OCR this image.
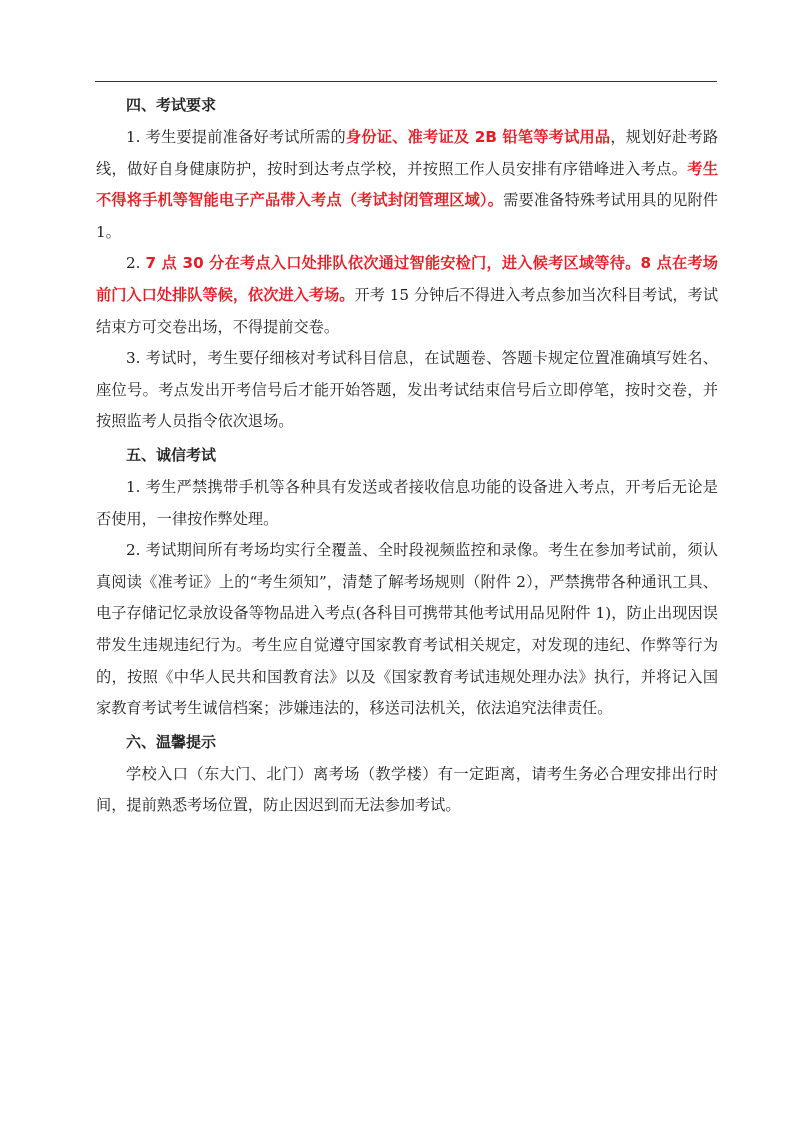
四、考试要求

1. 考生要提前准备好考试所需的身份证、准考证及 2B 铅笔等考试用品，规划好赴考路线，做好自身健康防护，按时到达考点学校，并按照工作人员安排有序错峰进入考点。考生不得将手机等智能电子产品带入考点（考试封闭管理区域）。需要准备特殊考试用具的见附件 1。

2. 7 点 30 分在考点入口处排队依次通过智能安检门，进入候考区域等待。8 点在考场前门入口处排队等候，依次进入考场。开考 15 分钟后不得进入考点参加当次科目考试，考试结束方可交卷出场，不得提前交卷。

3. 考试时，考生要仔细核对考试科目信息，在试题卷、答题卡规定位置准确填写姓名、座位号。考点发出开考信号后才能开始答题，发出考试结束信号后立即停笔，按时交卷，并按照监考人员指令依次退场。

五、诚信考试

1. 考生严禁携带手机等各种具有发送或者接收信息功能的设备进入考点，开考后无论是否使用，一律按作弊处理。

2. 考试期间所有考场均实行全覆盖、全时段视频监控和录像。考生在参加考试前，须认真阅读《准考证》上的“考生须知”，清楚了解考场规则（附件 2），严禁携带各种通讯工具、电子存储记忆录放设备等物品进入考点(各科目可携带其他考试用品见附件 1)，防止出现因误带发生违规违纪行为。考生应自觉遵守国家教育考试相关规定，对发现的违纪、作弊等行为的，按照《中华人民共和国教育法》以及《国家教育考试违规处理办法》执行，并将记入国家教育考试考生诚信档案；涉嫌违法的，移送司法机关，依法追究法律责任。

六、温馨提示

学校入口（东大门、北门）离考场（教学楼）有一定距离，请考生务必合理安排出行时间，提前熟悉考场位置，防止因迟到而无法参加考试。
